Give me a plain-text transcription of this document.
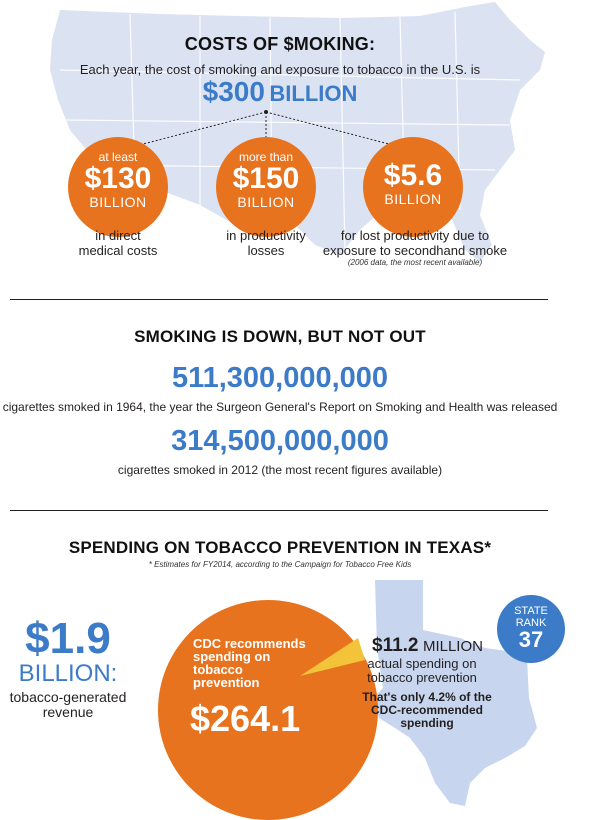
COSTS OF $MOKING:
Each year, the cost of smoking and exposure to tobacco in the U.S. is
$300 BILLION
at least
$130
BILLION
more than
$150
BILLION
$5.6
BILLION
in direct
medical costs
in productivity
losses
for lost productivity due to
exposure to secondhand smoke
(2006 data, the most recent available)
SMOKING IS DOWN, BUT NOT OUT
511,300,000,000
cigarettes smoked in 1964, the year the Surgeon General's Report on Smoking and Health was released
314,500,000,000
cigarettes smoked in 2012 (the most recent figures available)
SPENDING ON TOBACCO PREVENTION IN TEXAS*
* Estimates for FY2014, according to the Campaign for Tobacco Free Kids
$1.9
BILLION:
tobacco-generated
revenue
CDC recommends
spending on
tobacco
prevention
$264.1
$11.2 MILLION
actual spending on
tobacco prevention
That's only 4.2% of the
CDC-recommended
spending
STATE
RANK
37
